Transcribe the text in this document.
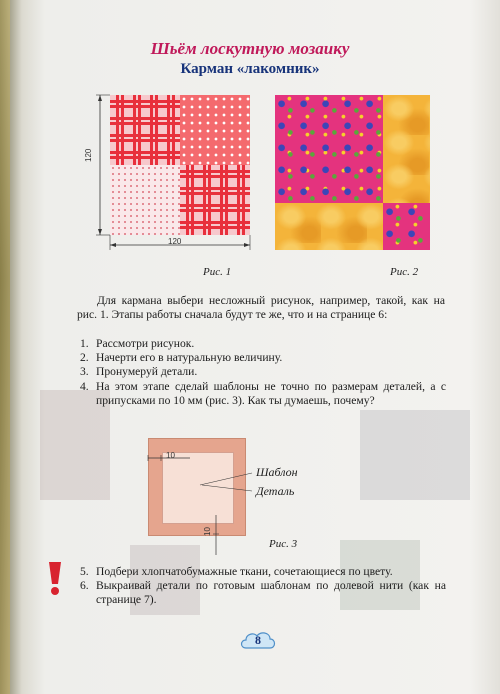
Шьём лоскутную мозаику
Карман «лакомник»
120
120
Рис. 1	Рис. 2
Для кармана выбери несложный рисунок, например, такой, как на рис. 1. Этапы работы сначала будут те же, что и на странице 6:
1. Рассмотри рисунок.
2. Начерти его в натуральную величину.
3. Пронумеруй детали.
4. На этом этапе сделай шаблоны не точно по размерам деталей, а с припусками по 10 мм (рис. 3). Как ты думаешь, почему?
10
10
Шаблон
Деталь
Рис. 3
5. Подбери хлопчатобумажные ткани, сочетающиеся по цвету.
6. Выкраивай детали по готовым шаблонам по долевой нити (как на странице 7).
8
